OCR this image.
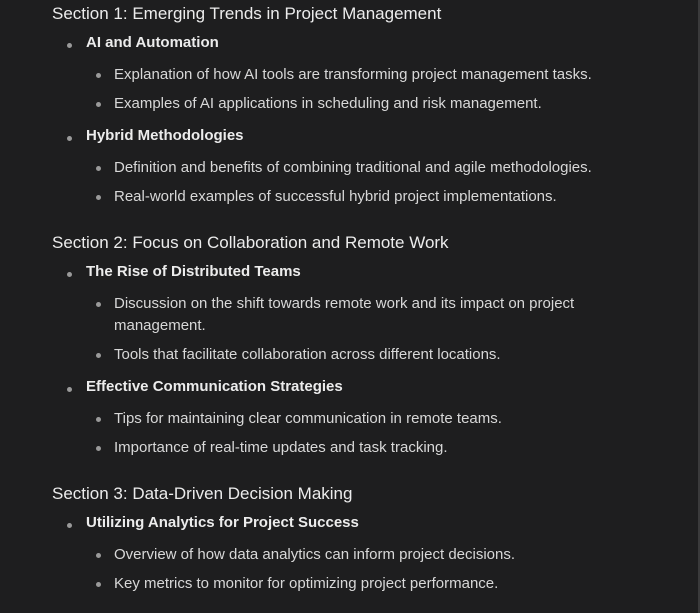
Section 1: Emerging Trends in Project Management
AI and Automation
Explanation of how AI tools are transforming project management tasks.
Examples of AI applications in scheduling and risk management.
Hybrid Methodologies
Definition and benefits of combining traditional and agile methodologies.
Real-world examples of successful hybrid project implementations.
Section 2: Focus on Collaboration and Remote Work
The Rise of Distributed Teams
Discussion on the shift towards remote work and its impact on project management.
Tools that facilitate collaboration across different locations.
Effective Communication Strategies
Tips for maintaining clear communication in remote teams.
Importance of real-time updates and task tracking.
Section 3: Data-Driven Decision Making
Utilizing Analytics for Project Success
Overview of how data analytics can inform project decisions.
Key metrics to monitor for optimizing project performance.
